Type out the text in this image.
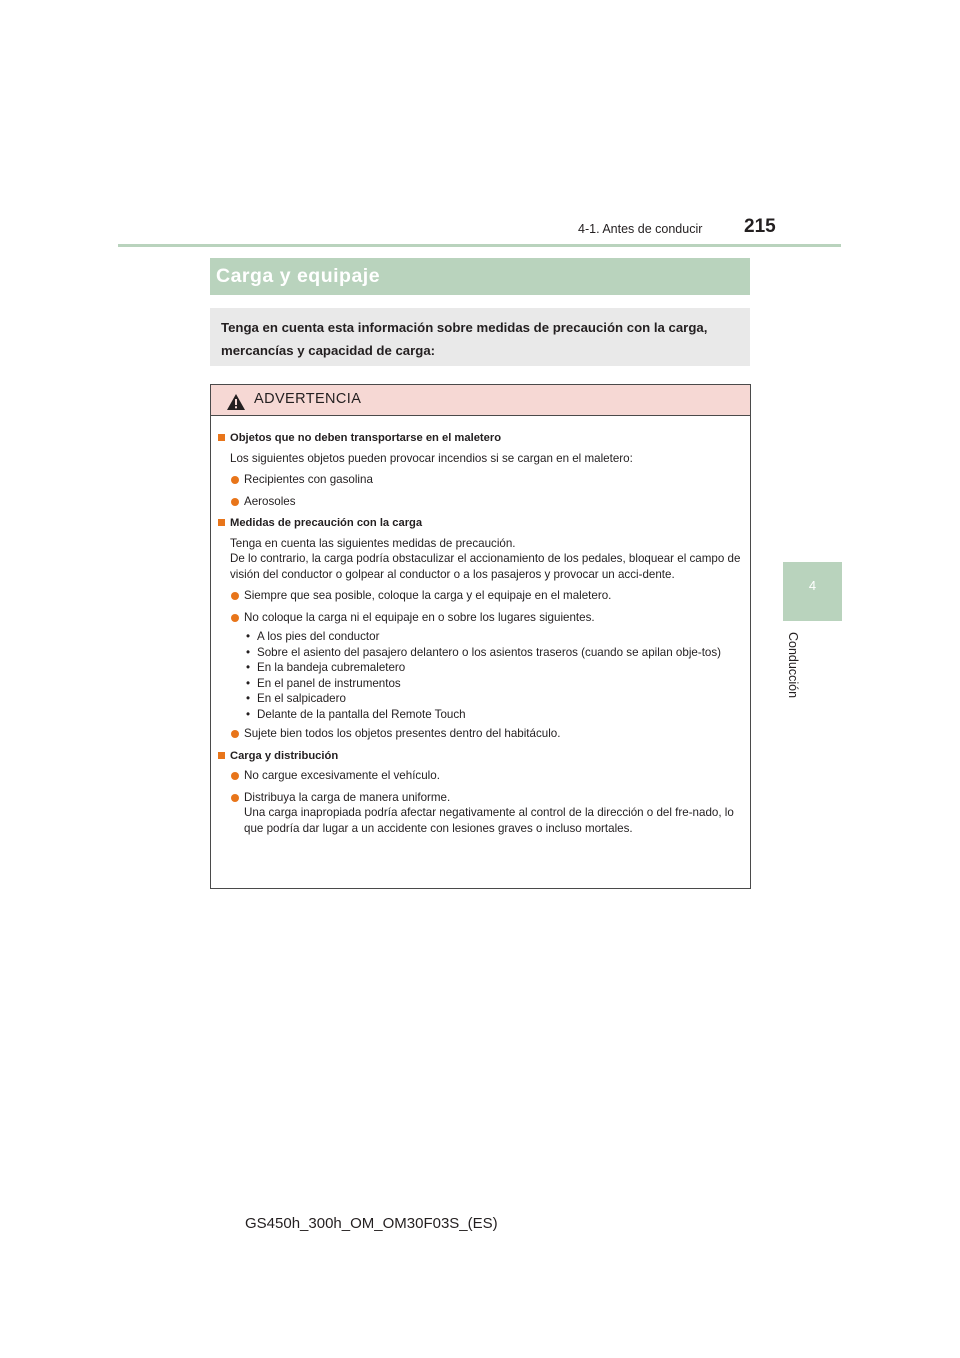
4-1. Antes de conducir 215
4
Conducción
Carga y equipaje
Tenga en cuenta esta información sobre medidas de precaución con la carga, mercancías y capacidad de carga:
ADVERTENCIA
Objetos que no deben transportarse en el maletero
Los siguientes objetos pueden provocar incendios si se cargan en el maletero:
Recipientes con gasolina
Aerosoles
Medidas de precaución con la carga
Tenga en cuenta las siguientes medidas de precaución.
De lo contrario, la carga podría obstaculizar el accionamiento de los pedales, bloquear el campo de visión del conductor o golpear al conductor o a los pasajeros y provocar un acci-dente.
Siempre que sea posible, coloque la carga y el equipaje en el maletero.
No coloque la carga ni el equipaje en o sobre los lugares siguientes.
• A los pies del conductor
• Sobre el asiento del pasajero delantero o los asientos traseros (cuando se apilan obje-tos)
• En la bandeja cubremaletero
• En el panel de instrumentos
• En el salpicadero
• Delante de la pantalla del Remote Touch
Sujete bien todos los objetos presentes dentro del habitáculo.
Carga y distribución
No cargue excesivamente el vehículo.
Distribuya la carga de manera uniforme.
Una carga inapropiada podría afectar negativamente al control de la dirección o del fre-nado, lo que podría dar lugar a un accidente con lesiones graves o incluso mortales.
GS450h_300h_OM_OM30F03S_(ES)
